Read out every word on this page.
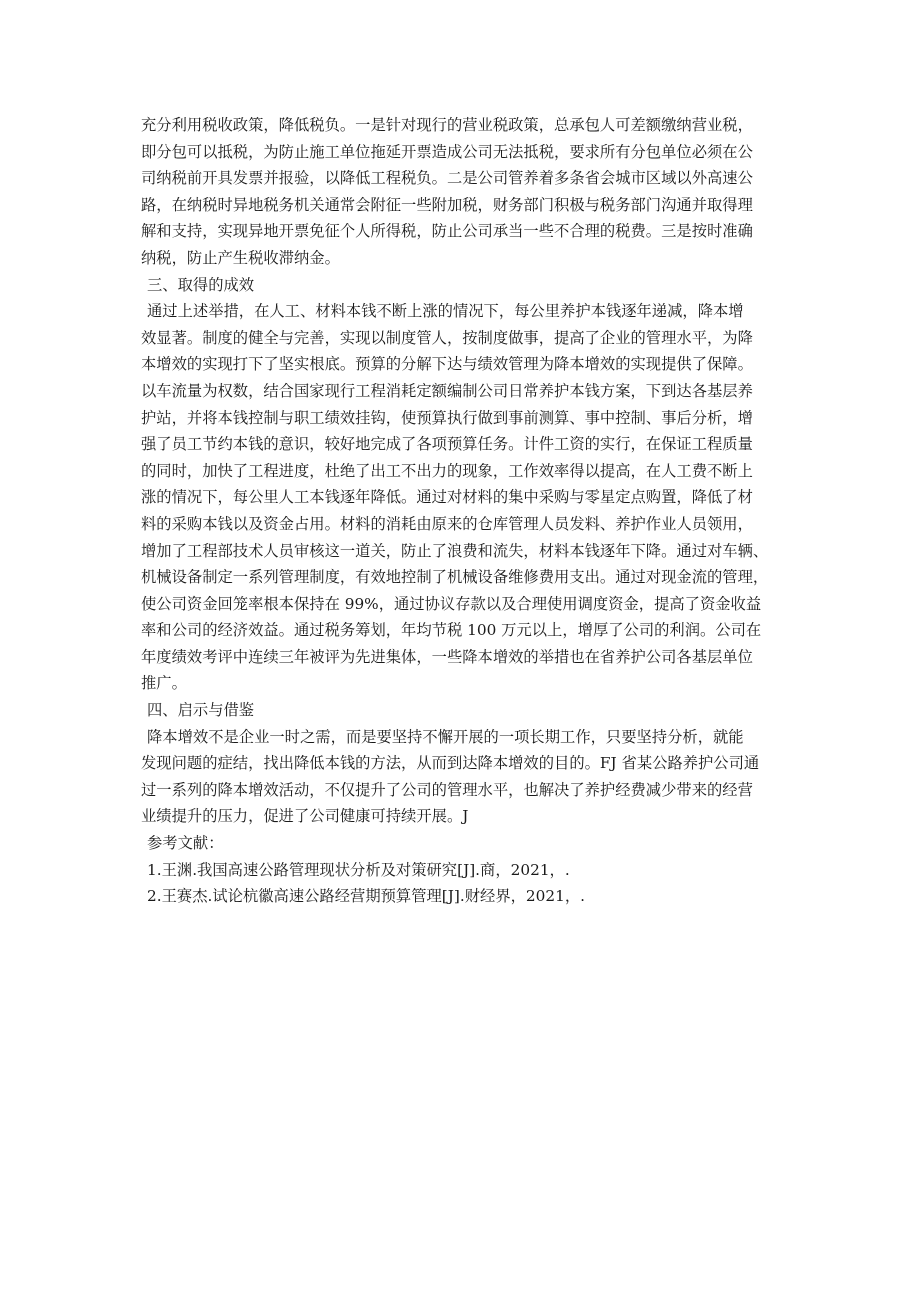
充分利用税收政策，降低税负。一是针对现行的营业税政策，总承包人可差额缴纳营业税，
即分包可以抵税，为防止施工单位拖延开票造成公司无法抵税，要求所有分包单位必须在公
司纳税前开具发票并报验，以降低工程税负。二是公司管养着多条省会城市区域以外高速公
路，在纳税时异地税务机关通常会附征一些附加税，财务部门积极与税务部门沟通并取得理
解和支持，实现异地开票免征个人所得税，防止公司承当一些不合理的税费。三是按时准确
纳税，防止产生税收滞纳金。
三、取得的成效
通过上述举措，在人工、材料本钱不断上涨的情况下，每公里养护本钱逐年递减，降本增
效显著。制度的健全与完善，实现以制度管人，按制度做事，提高了企业的管理水平，为降
本增效的实现打下了坚实根底。预算的分解下达与绩效管理为降本增效的实现提供了保障。
以车流量为权数，结合国家现行工程消耗定额编制公司日常养护本钱方案，下到达各基层养
护站，并将本钱控制与职工绩效挂钩，使预算执行做到事前测算、事中控制、事后分析，增
强了员工节约本钱的意识，较好地完成了各项预算任务。计件工资的实行，在保证工程质量
的同时，加快了工程进度，杜绝了出工不出力的现象，工作效率得以提高，在人工费不断上
涨的情况下，每公里人工本钱逐年降低。通过对材料的集中采购与零星定点购置，降低了材
料的采购本钱以及资金占用。材料的消耗由原来的仓库管理人员发料、养护作业人员领用，
增加了工程部技术人员审核这一道关，防止了浪费和流失，材料本钱逐年下降。通过对车辆、
机械设备制定一系列管理制度，有效地控制了机械设备维修费用支出。通过对现金流的管理，
使公司资金回笼率根本保持在 99%，通过协议存款以及合理使用调度资金，提高了资金收益
率和公司的经济效益。通过税务筹划，年均节税 100 万元以上，增厚了公司的利润。公司在
年度绩效考评中连续三年被评为先进集体，一些降本增效的举措也在省养护公司各基层单位
推广。
四、启示与借鉴
降本增效不是企业一时之需，而是要坚持不懈开展的一项长期工作，只要坚持分析，就能
发现问题的症结，找出降低本钱的方法，从而到达降本增效的目的。FJ 省某公路养护公司通
过一系列的降本增效活动，不仅提升了公司的管理水平，也解决了养护经费减少带来的经营
业绩提升的压力，促进了公司健康可持续开展。J
参考文献：
1.王渊.我国高速公路管理现状分析及对策研究[J].商，2021，.
2.王赛杰.试论杭徽高速公路经营期预算管理[J].财经界，2021，.
